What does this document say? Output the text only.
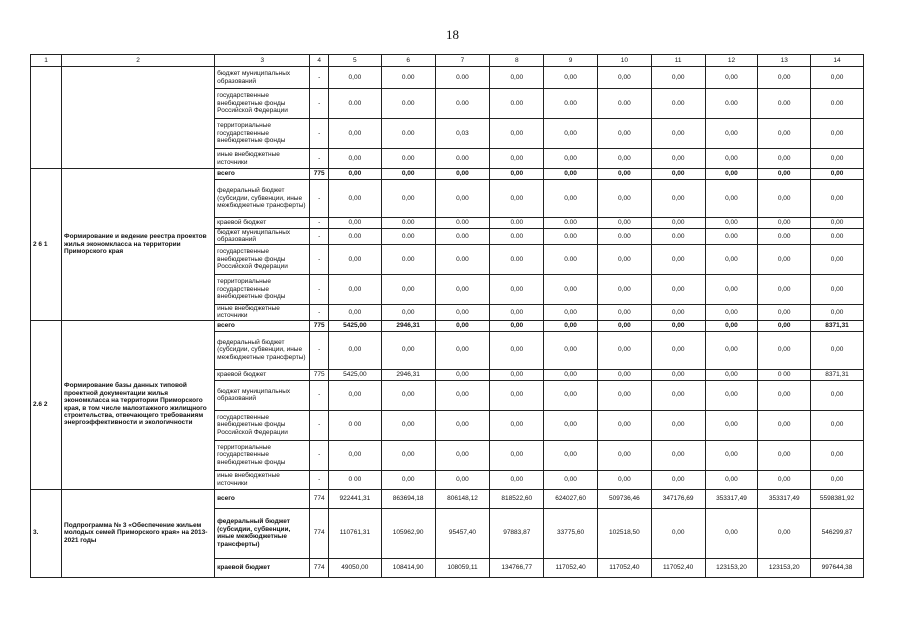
18
1	2	3	4	5	6	7	8	9	10	11	12	13	14
		бюджет муниципальных образований	-	0,00	0.00	0.00	0,00	0,00	0,00	0,00	0,00	0,00	0,00
		государственные внебюджетные фонды Российской Федерации	-	0.00	0.00	0.00	0.00	0.00	0.00	0.00	0.00	0.00	0.00
		территориальные государственные внебюджетные фонды	-	0,00	0.00	0,03	0,00	0,00	0,00	0,00	0,00	0,00	0,00
		иные внебюджетные источники	-	0,00	0.00	0.00	0,00	0,00	0,00	0,00	0,00	0,00	0,00
2 6 1	Формирование и ведение реестра проектов жилья экономкласса на территории Приморского края	всего	775	0,00	0,00	0,00	0,00	0,00	0,00	0,00	0,00	0,00	0,00
		федеральный бюджет (субсидии, субвенции, иные межбюджетные трансферты)	-	0,00	0,00	0,00	0,00	0,00	0,00	0,00	0,00	0,00	0,00
		краевой бюджет	-	0,00	0.00	0.00	0.00	0.00	0,00	0,00	0,00	0,00	0,00
		бюджет муниципальных образований	-	0.00	0.00	0.00	0.00	0.00	0.00	0.00	0.00	0.00	0.00
		государственные внебюджетные фонды Российской Федерации	-	0,00	0.00	0.00	0.00	0.00	0,00	0,00	0,00	0,00	0,00
		территориальные государственные внебюджетные фонды	-	0,00	0,00	0,00	0,00	0,00	0,00	0,00	0,00	0,00	0,00
		иные внебюджетные источники	-	0,00	0,00	0,00	0,00	0,00	0,00	0,00	0,00	0,00	0,00
2.6 2	Формирование базы данных типовой проектной документации жилья экономкласса на территории Приморского края, в том числе малоэтажного жилищного строительства, отвечающего требованиям энергоэффективности и экологичности	всего	775	5425,00	2946,31	0,00	0,00	0,00	0,00	0,00	0,00	0,00	8371,31
		федеральный бюджет (субсидии, субвенции, иные межбюджетные трансферты)	-	0,00	0,00	0,00	0,00	0,00	0,00	0,00	0,00	0,00	0,00
		краевой бюджет	775	5425,00	2946,31	0,00	0,00	0,00	0,00	0,00	0,00	0 00	8371,31
		бюджет муниципальных образований	-	0,00	0,00	0,00	0,00	0,00	0,00	0,00	0,00	0,00	0,00
		государственные внебюджетные фонды Российской Федерации	-	0 00	0,00	0,00	0,00	0,00	0,00	0,00	0,00	0,00	0,00
		территориальные государственные внебюджетные фонды	-	0,00	0,00	0,00	0,00	0,00	0,00	0,00	0,00	0,00	0,00
		иные внебюджетные источники	-	0 00	0,00	0,00	0,00	0,00	0,00	0,00	0,00	0,00	0,00
3.	Подпрограмма № 3 «Обеспечение жильем молодых семей Приморского края» на 2013-2021 годы	всего	774	922441,31	863694,18	806148,12	818522,60	624027,60	509736,46	347176,69	353317,49	353317,49	5598381,92
		федеральный бюджет (субсидии, субвенции, иные межбюджетные трансферты)	774	110761,31	105962,90	95457,40	97883,87	33775,60	102518,50	0,00	0,00	0,00	546299,87
		краевой бюджет	774	49050,00	108414,90	108059,11	134766,77	117052,40	117052,40	117052,40	123153,20	123153,20	997644,38
